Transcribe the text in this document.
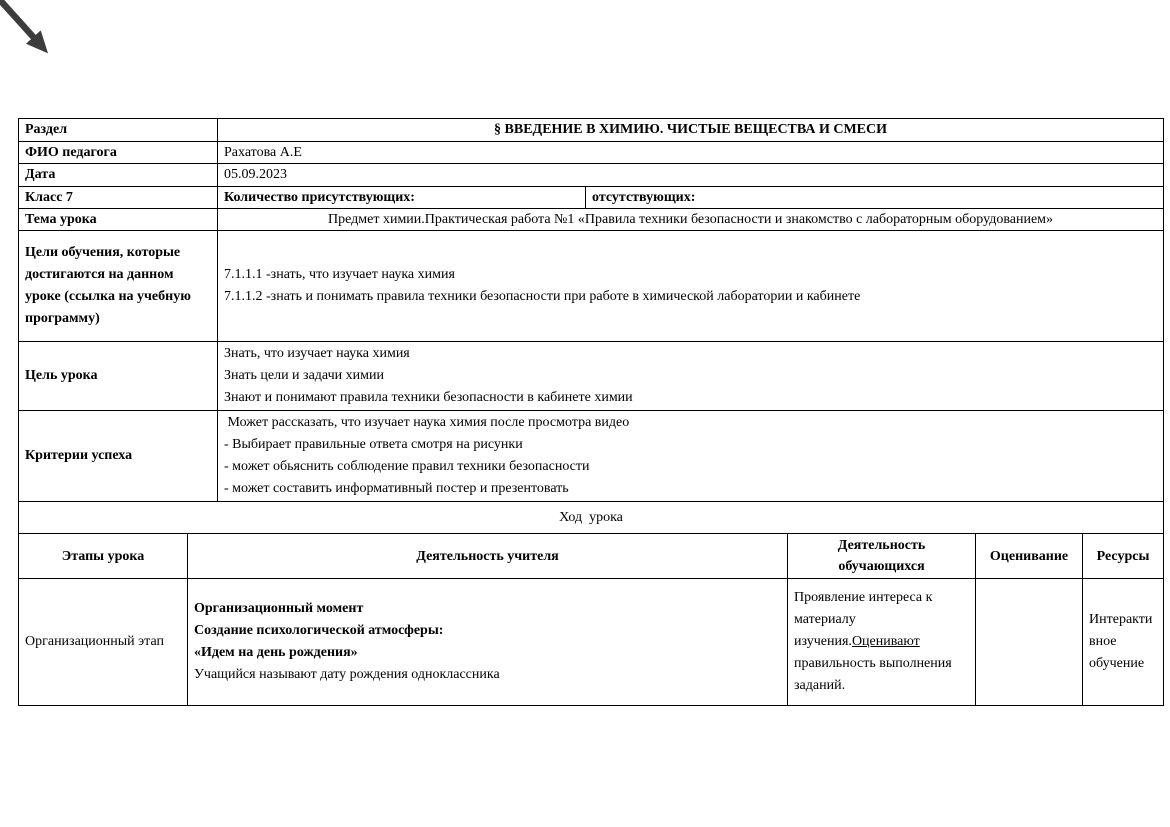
Раздел		§ ВВЕДЕНИЕ В ХИМИЮ. ЧИСТЫЕ ВЕЩЕСТВА И СМЕСИ				
ФИО педагога		Рахатова А.Е				
Дата		05.09.2023				
Класс 7		Количество присутствующих:	отсутствующих:			
Тема урока		Предмет химии.Практическая работа №1 «Правила техники безопасности и знакомство с лабораторным оборудованием»				

Цели обучения, которые достигаются на данном уроке (ссылка на учебную программу)		7.1.1.1 -знать, что изучает наука химия
7.1.1.2 -знать и понимать правила техники безопасности при работе в химической лаборатории и кабинете				

Цель урока		Знать, что изучает наука химия
Знать цели и задачи химии
Знают и понимают правила техники безопасности в кабинете химии				

Критерии успеха		Может рассказать, что изучает наука химия после просмотра видео
- Выбирает правильные ответа смотря на рисунки
- может обьяснить соблюдение правил техники безопасности
- может составить информативный постер и презентовать				

Ход  урока						
Этапы урока	Деятельность учителя			Деятельность обучающихся	Оценивание	Ресурсы

Организационный этап	Организационный момент
Создание психологической атмосферы:
«Идем на день рождения»
Учащийся называют дату рождения одноклассника			Проявление интереса к материалу изучения.Оценивают правильность выполнения заданий.		Интерактивное обучение
